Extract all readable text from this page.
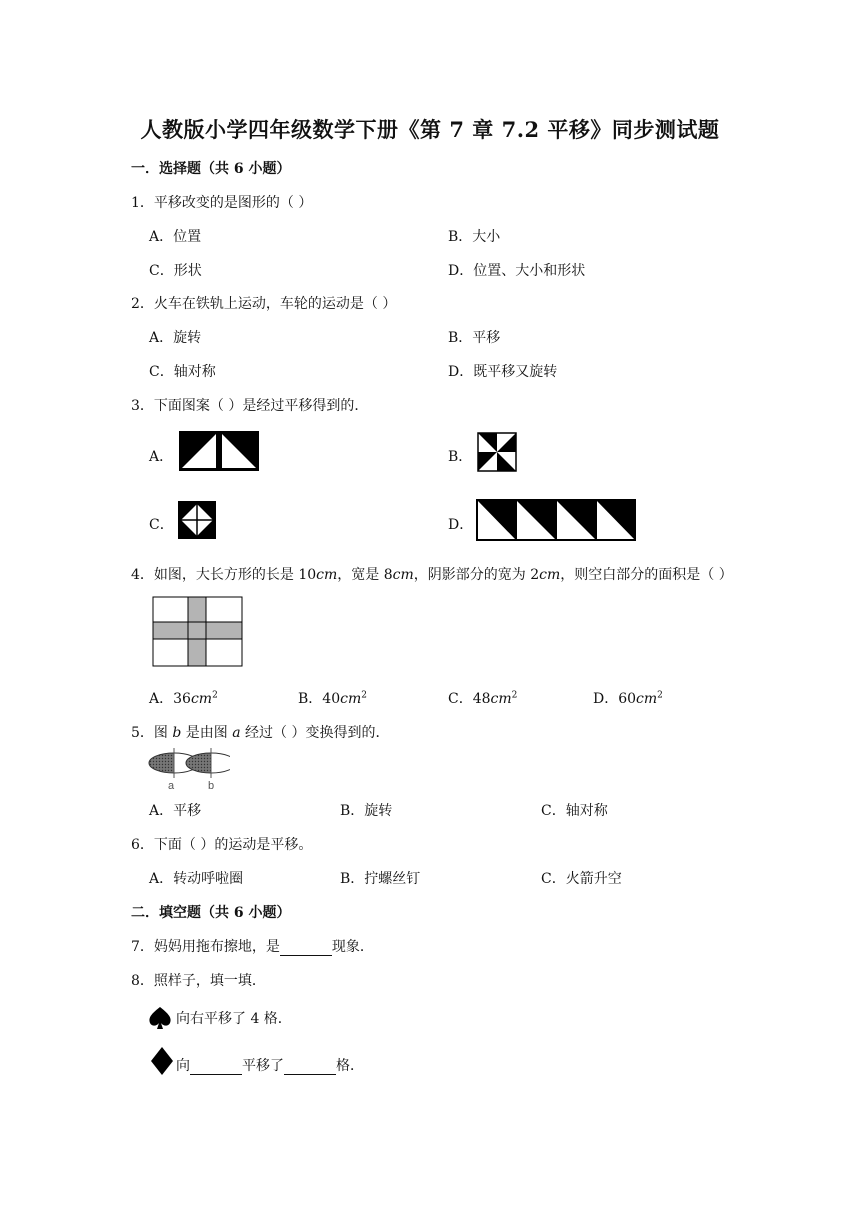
人教版小学四年级数学下册《第 7 章 7.2 平移》同步测试题
一．选择题（共 6 小题）
1．平移改变的是图形的（ ）
A．位置	B．大小
C．形状	D．位置、大小和形状
2．火车在铁轨上运动，车轮的运动是（ ）
A．旋转	B．平移
C．轴对称	D．既平移又旋转
3．下面图案（ ）是经过平移得到的．
A．	B．
C．	D．
4．如图，大长方形的长是 10cm，宽是 8cm，阴影部分的宽为 2cm，则空白部分的面积是（ ）
A．$36cm^2$	B．$40cm^2$	C．$48cm^2$	D．$60cm^2$
5．图 b 是由图 a 经过（ ）变换得到的．
a	b
A．平移	B．旋转	C．轴对称
6．下面（ ）的运动是平移。
A．转动呼啦圈	B．拧螺丝钉	C．火箭升空
二．填空题（共 6 小题）
7．妈妈用拖布擦地，是	现象．
8．照样子，填一填．
向右平移了 4 格．
向	平移了	格．
